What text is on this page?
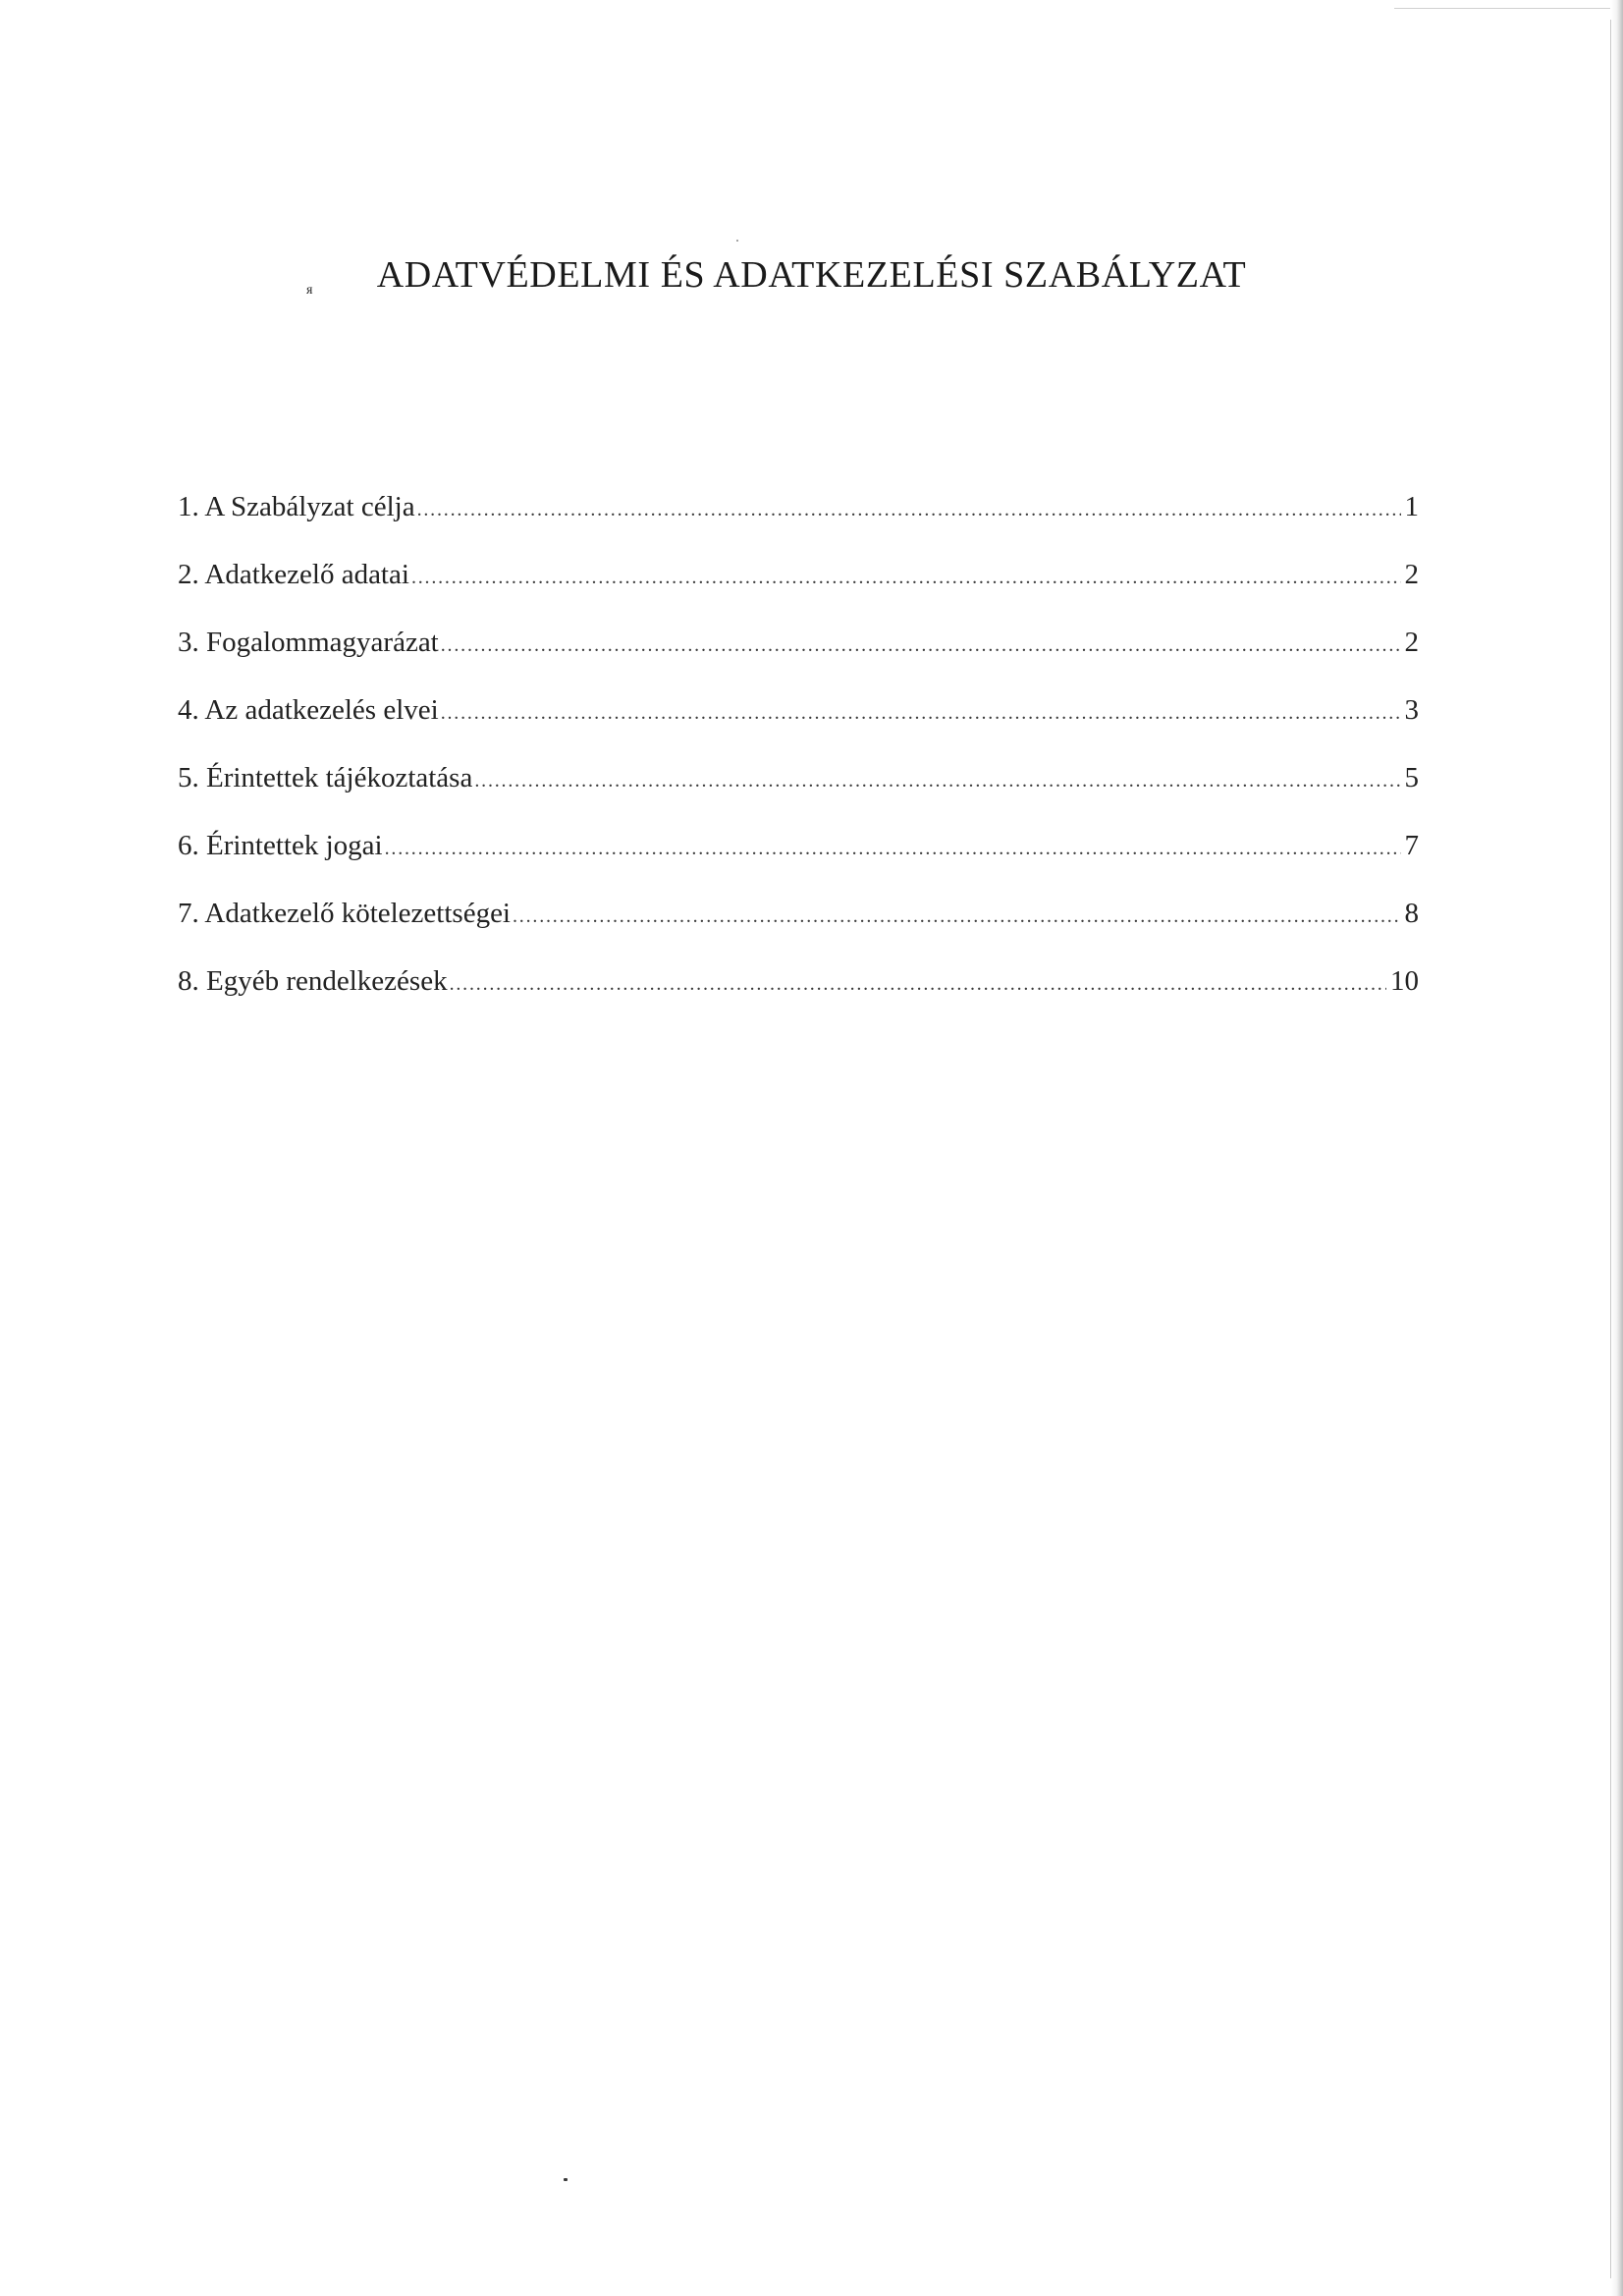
ᴙ	ADATVÉDELMI ÉS ADATKEZELÉSI SZABÁLYZAT
1. A Szabályzat célja .....	1
2. Adatkezelő adatai .....	2
3. Fogalommagyarázat .....	2
4. Az adatkezelés elvei .....	3
5. Érintettek tájékoztatása .....	5
6. Érintettek jogai .....	7
7. Adatkezelő kötelezettségei .....	8
8. Egyéb rendelkezések .....	10
